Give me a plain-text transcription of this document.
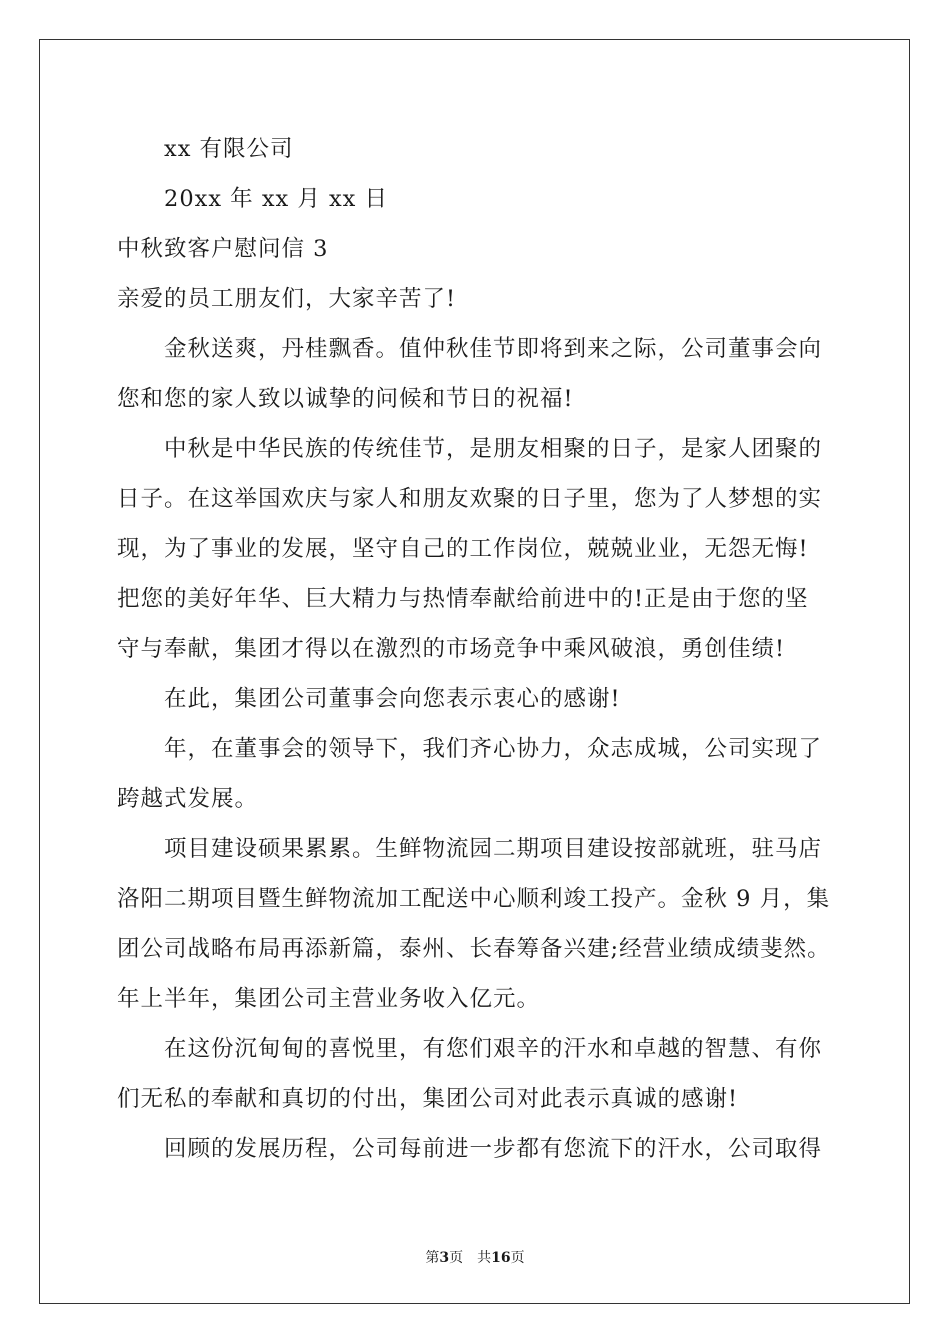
xx 有限公司
20xx 年 xx 月 xx 日
中秋致客户慰问信 3
亲爱的员工朋友们，大家辛苦了!
金秋送爽，丹桂飘香。值仲秋佳节即将到来之际，公司董事会向
您和您的家人致以诚挚的问候和节日的祝福!
中秋是中华民族的传统佳节，是朋友相聚的日子，是家人团聚的
日子。在这举国欢庆与家人和朋友欢聚的日子里，您为了人梦想的实
现，为了事业的发展，坚守自己的工作岗位，兢兢业业，无怨无悔!
把您的美好年华、巨大精力与热情奉献给前进中的!正是由于您的坚
守与奉献，集团才得以在激烈的市场竞争中乘风破浪，勇创佳绩!
在此，集团公司董事会向您表示衷心的感谢!
年，在董事会的领导下，我们齐心协力，众志成城，公司实现了
跨越式发展。
项目建设硕果累累。生鲜物流园二期项目建设按部就班，驻马店
洛阳二期项目暨生鲜物流加工配送中心顺利竣工投产。金秋 9 月，集
团公司战略布局再添新篇，泰州、长春筹备兴建;经营业绩成绩斐然。
年上半年，集团公司主营业务收入亿元。
在这份沉甸甸的喜悦里，有您们艰辛的汗水和卓越的智慧、有你
们无私的奉献和真切的付出，集团公司对此表示真诚的感谢!
回顾的发展历程，公司每前进一步都有您流下的汗水，公司取得
第3页 共16页
